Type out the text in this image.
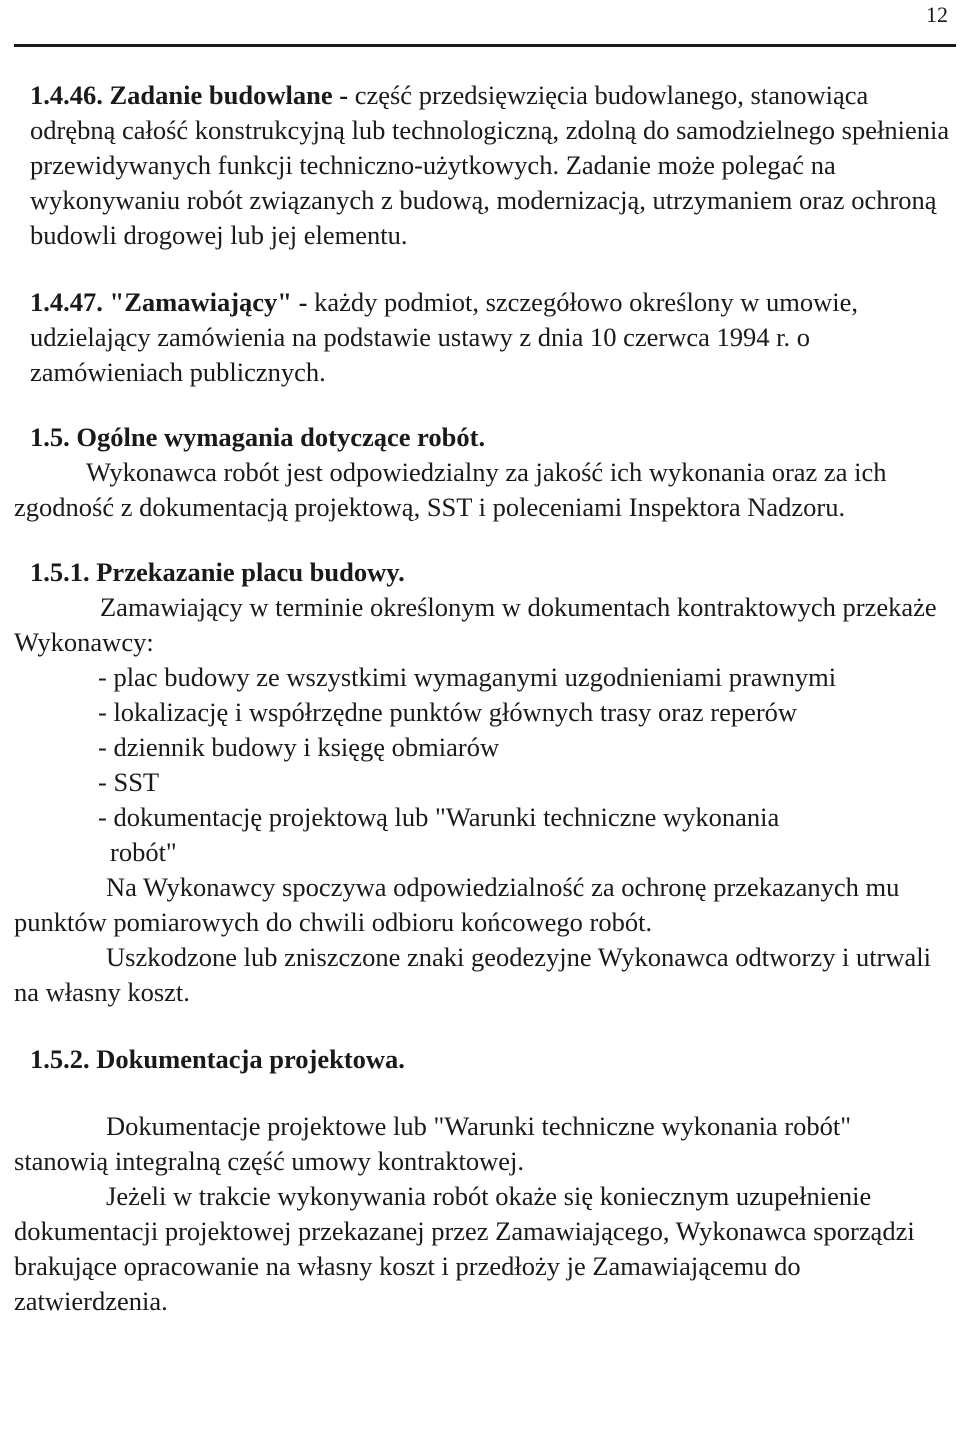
12

1.4.46. Zadanie budowlane - część przedsięwzięcia budowlanego, stanowiąca odrębną całość konstrukcyjną lub technologiczną, zdolną do samodzielnego spełnienia przewidywanych funkcji techniczno-użytkowych. Zadanie może polegać na wykonywaniu robót związanych z budową, modernizacją, utrzymaniem oraz ochroną budowli drogowej lub jej elementu.

1.4.47. "Zamawiający" - każdy podmiot, szczegółowo określony w umowie, udzielający zamówienia na podstawie ustawy z dnia 10 czerwca 1994 r. o zamówieniach publicznych.

1.5. Ogólne wymagania dotyczące robót.

Wykonawca robót jest odpowiedzialny za jakość ich wykonania oraz za ich zgodność z dokumentacją projektową, SST i poleceniami Inspektora Nadzoru.

1.5.1. Przekazanie placu budowy.

Zamawiający w terminie określonym w dokumentach kontraktowych przekaże Wykonawcy:

- plac budowy ze wszystkimi wymaganymi uzgodnieniami prawnymi
- lokalizację i współrzędne punktów głównych trasy oraz reperów
- dziennik budowy i księgę obmiarów
- SST
- dokumentację projektową lub "Warunki techniczne wykonania
robót"

Na Wykonawcy spoczywa odpowiedzialność za ochronę przekazanych mu punktów pomiarowych do chwili odbioru końcowego robót.

Uszkodzone lub zniszczone znaki geodezyjne Wykonawca odtworzy i utrwali na własny koszt.

1.5.2. Dokumentacja projektowa.

Dokumentacje projektowe lub "Warunki techniczne wykonania robót" stanowią integralną część umowy kontraktowej.

Jeżeli w trakcie wykonywania robót okaże się koniecznym uzupełnienie dokumentacji projektowej przekazanej przez Zamawiającego, Wykonawca sporządzi brakujące opracowanie na własny koszt i przedłoży je Zamawiającemu do zatwierdzenia.
